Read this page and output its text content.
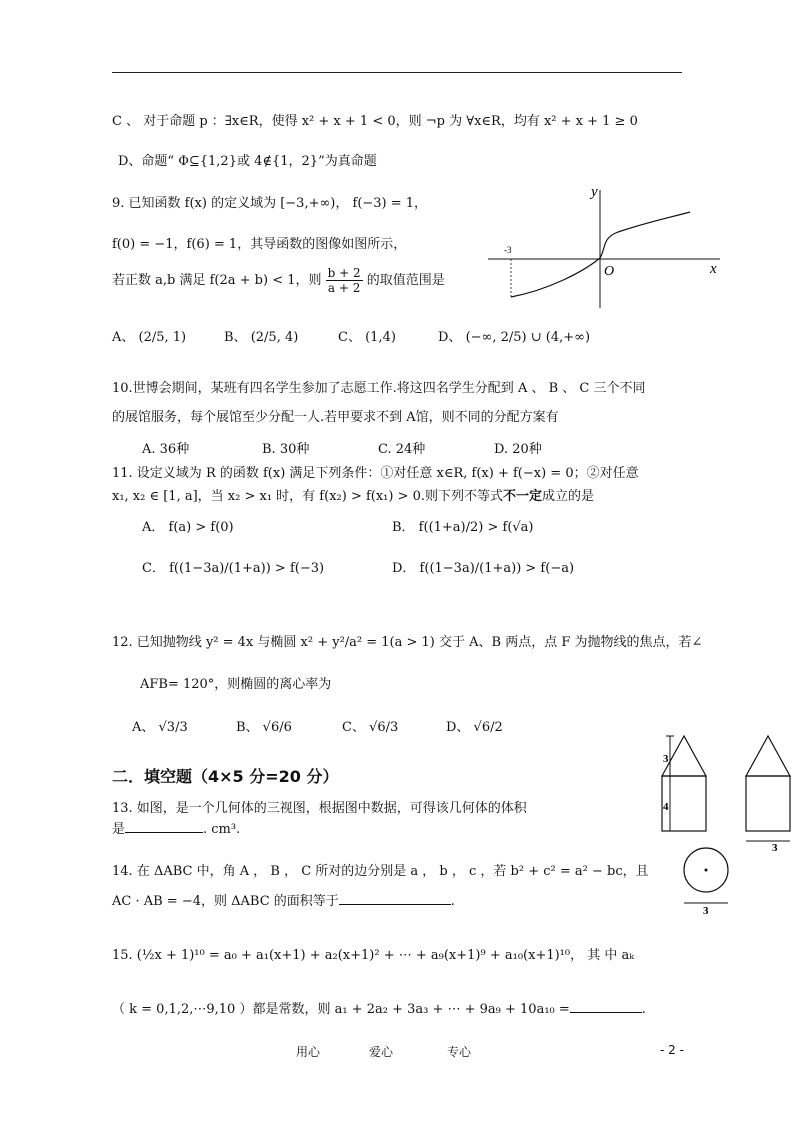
C 、 对于命题 p ：∃x∈R，使得 x² + x + 1 < 0，则 ¬p 为 ∀x∈R，均有 x² + x + 1 ≥ 0
D、命题“ Φ⊆{1,2}或 4∉{1，2}”为真命题
9. 已知函数 f(x) 的定义域为 [−3,+∞)， f(−3) = 1，
f(0) = −1，f(6) = 1，其导函数的图像如图所示，
若正数 a,b 满足 f(2a + b) < 1，则 $\frac{b + 2}{a + 2}$ 的取值范围是
A、 (2/5, 1)	B、 (2/5, 4)	C、 (1,4)	D、 (−∞, 2/5) ∪ (4,+∞)
y
x
O
-3
10.世博会期间，某班有四名学生参加了志愿工作.将这四名学生分配到 A 、 B 、 C 三个不同
的展馆服务，每个展馆至少分配一人.若甲要求不到 A馆，则不同的分配方案有
A. 36种	B. 30种	C. 24种	D. 20种
11. 设定义域为 R 的函数 f(x) 满足下列条件：①对任意 x∈R, f(x) + f(−x) = 0；②对任意
x₁, x₂ ∈ [1, a]，当 x₂ > x₁ 时，有 f(x₂) > f(x₁) > 0.则下列不等式不一定成立的是
A． f(a) > f(0)	B． f((1+a)/2) > f(√a)
C． f((1−3a)/(1+a)) > f(−3)	D． f((1−3a)/(1+a)) > f(−a)
12. 已知抛物线 y² = 4x 与椭圆 x² + y²/a² = 1(a > 1) 交于 A、B 两点，点 F 为抛物线的焦点，若∠
AFB= 120°，则椭圆的离心率为
A、 √3/3	B、 √6/6	C、 √6/3	D、 √6/2
二．填空题（4×5 分=20 分）
13. 如图，是一个几何体的三视图，根据图中数据，可得该几何体的体积
是	. cm³.
3
4
3
3
14. 在 ΔABC 中，角 A ， B ， C 所对的边分别是 a ， b ， c ，若 b² + c² = a² − bc，且
AC · AB = −4，则 ΔABC 的面积等于	.
15. (½x + 1)¹⁰ = a₀ + a₁(x+1) + a₂(x+1)² + ⋯ + a₉(x+1)⁹ + a₁₀(x+1)¹⁰， 其 中 aₖ
（ k = 0,1,2,⋯9,10 ）都是常数，则 a₁ + 2a₂ + 3a₃ + ⋯ + 9a₉ + 10a₁₀ =	.
用心	爱心	专心	- 2 -
